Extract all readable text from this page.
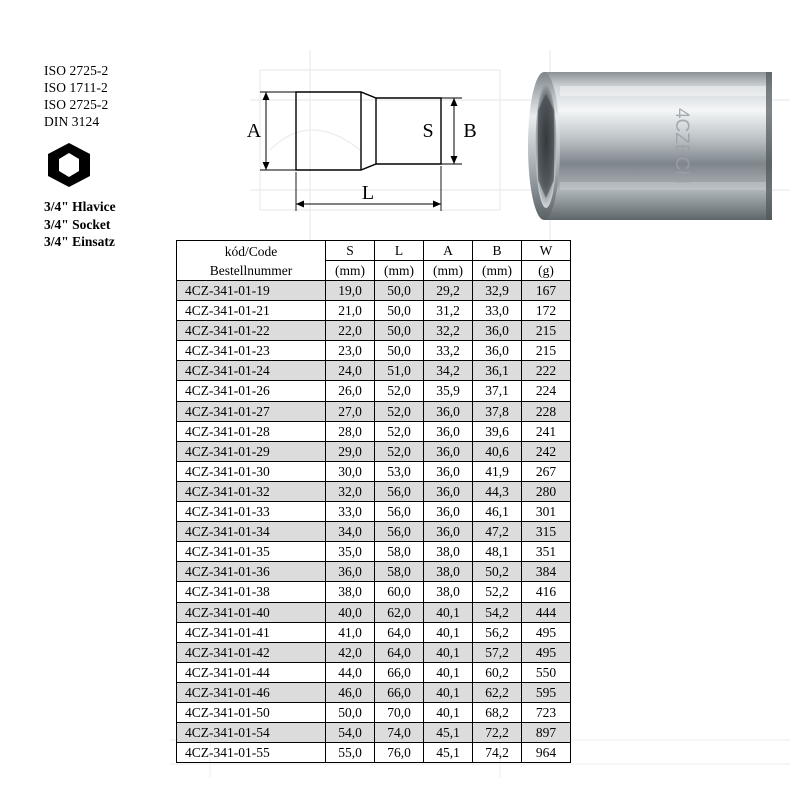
ISO 2725-2
ISO 1711-2
ISO 2725-2
DIN 3124
3/4" Hlavice
3/4" Socket
3/4" Einsatz
A	S B
L
4CZECH
kód/Code
Bestellnummer	S	L	A	B	W
	(mm)	(mm)	(mm)	(mm)	(g)
4CZ-341-01-19	19,0	50,0	29,2	32,9	167
4CZ-341-01-21	21,0	50,0	31,2	33,0	172
4CZ-341-01-22	22,0	50,0	32,2	36,0	215
4CZ-341-01-23	23,0	50,0	33,2	36,0	215
4CZ-341-01-24	24,0	51,0	34,2	36,1	222
4CZ-341-01-26	26,0	52,0	35,9	37,1	224
4CZ-341-01-27	27,0	52,0	36,0	37,8	228
4CZ-341-01-28	28,0	52,0	36,0	39,6	241
4CZ-341-01-29	29,0	52,0	36,0	40,6	242
4CZ-341-01-30	30,0	53,0	36,0	41,9	267
4CZ-341-01-32	32,0	56,0	36,0	44,3	280
4CZ-341-01-33	33,0	56,0	36,0	46,1	301
4CZ-341-01-34	34,0	56,0	36,0	47,2	315
4CZ-341-01-35	35,0	58,0	38,0	48,1	351
4CZ-341-01-36	36,0	58,0	38,0	50,2	384
4CZ-341-01-38	38,0	60,0	38,0	52,2	416
4CZ-341-01-40	40,0	62,0	40,1	54,2	444
4CZ-341-01-41	41,0	64,0	40,1	56,2	495
4CZ-341-01-42	42,0	64,0	40,1	57,2	495
4CZ-341-01-44	44,0	66,0	40,1	60,2	550
4CZ-341-01-46	46,0	66,0	40,1	62,2	595
4CZ-341-01-50	50,0	70,0	40,1	68,2	723
4CZ-341-01-54	54,0	74,0	45,1	72,2	897
4CZ-341-01-55	55,0	76,0	45,1	74,2	964
